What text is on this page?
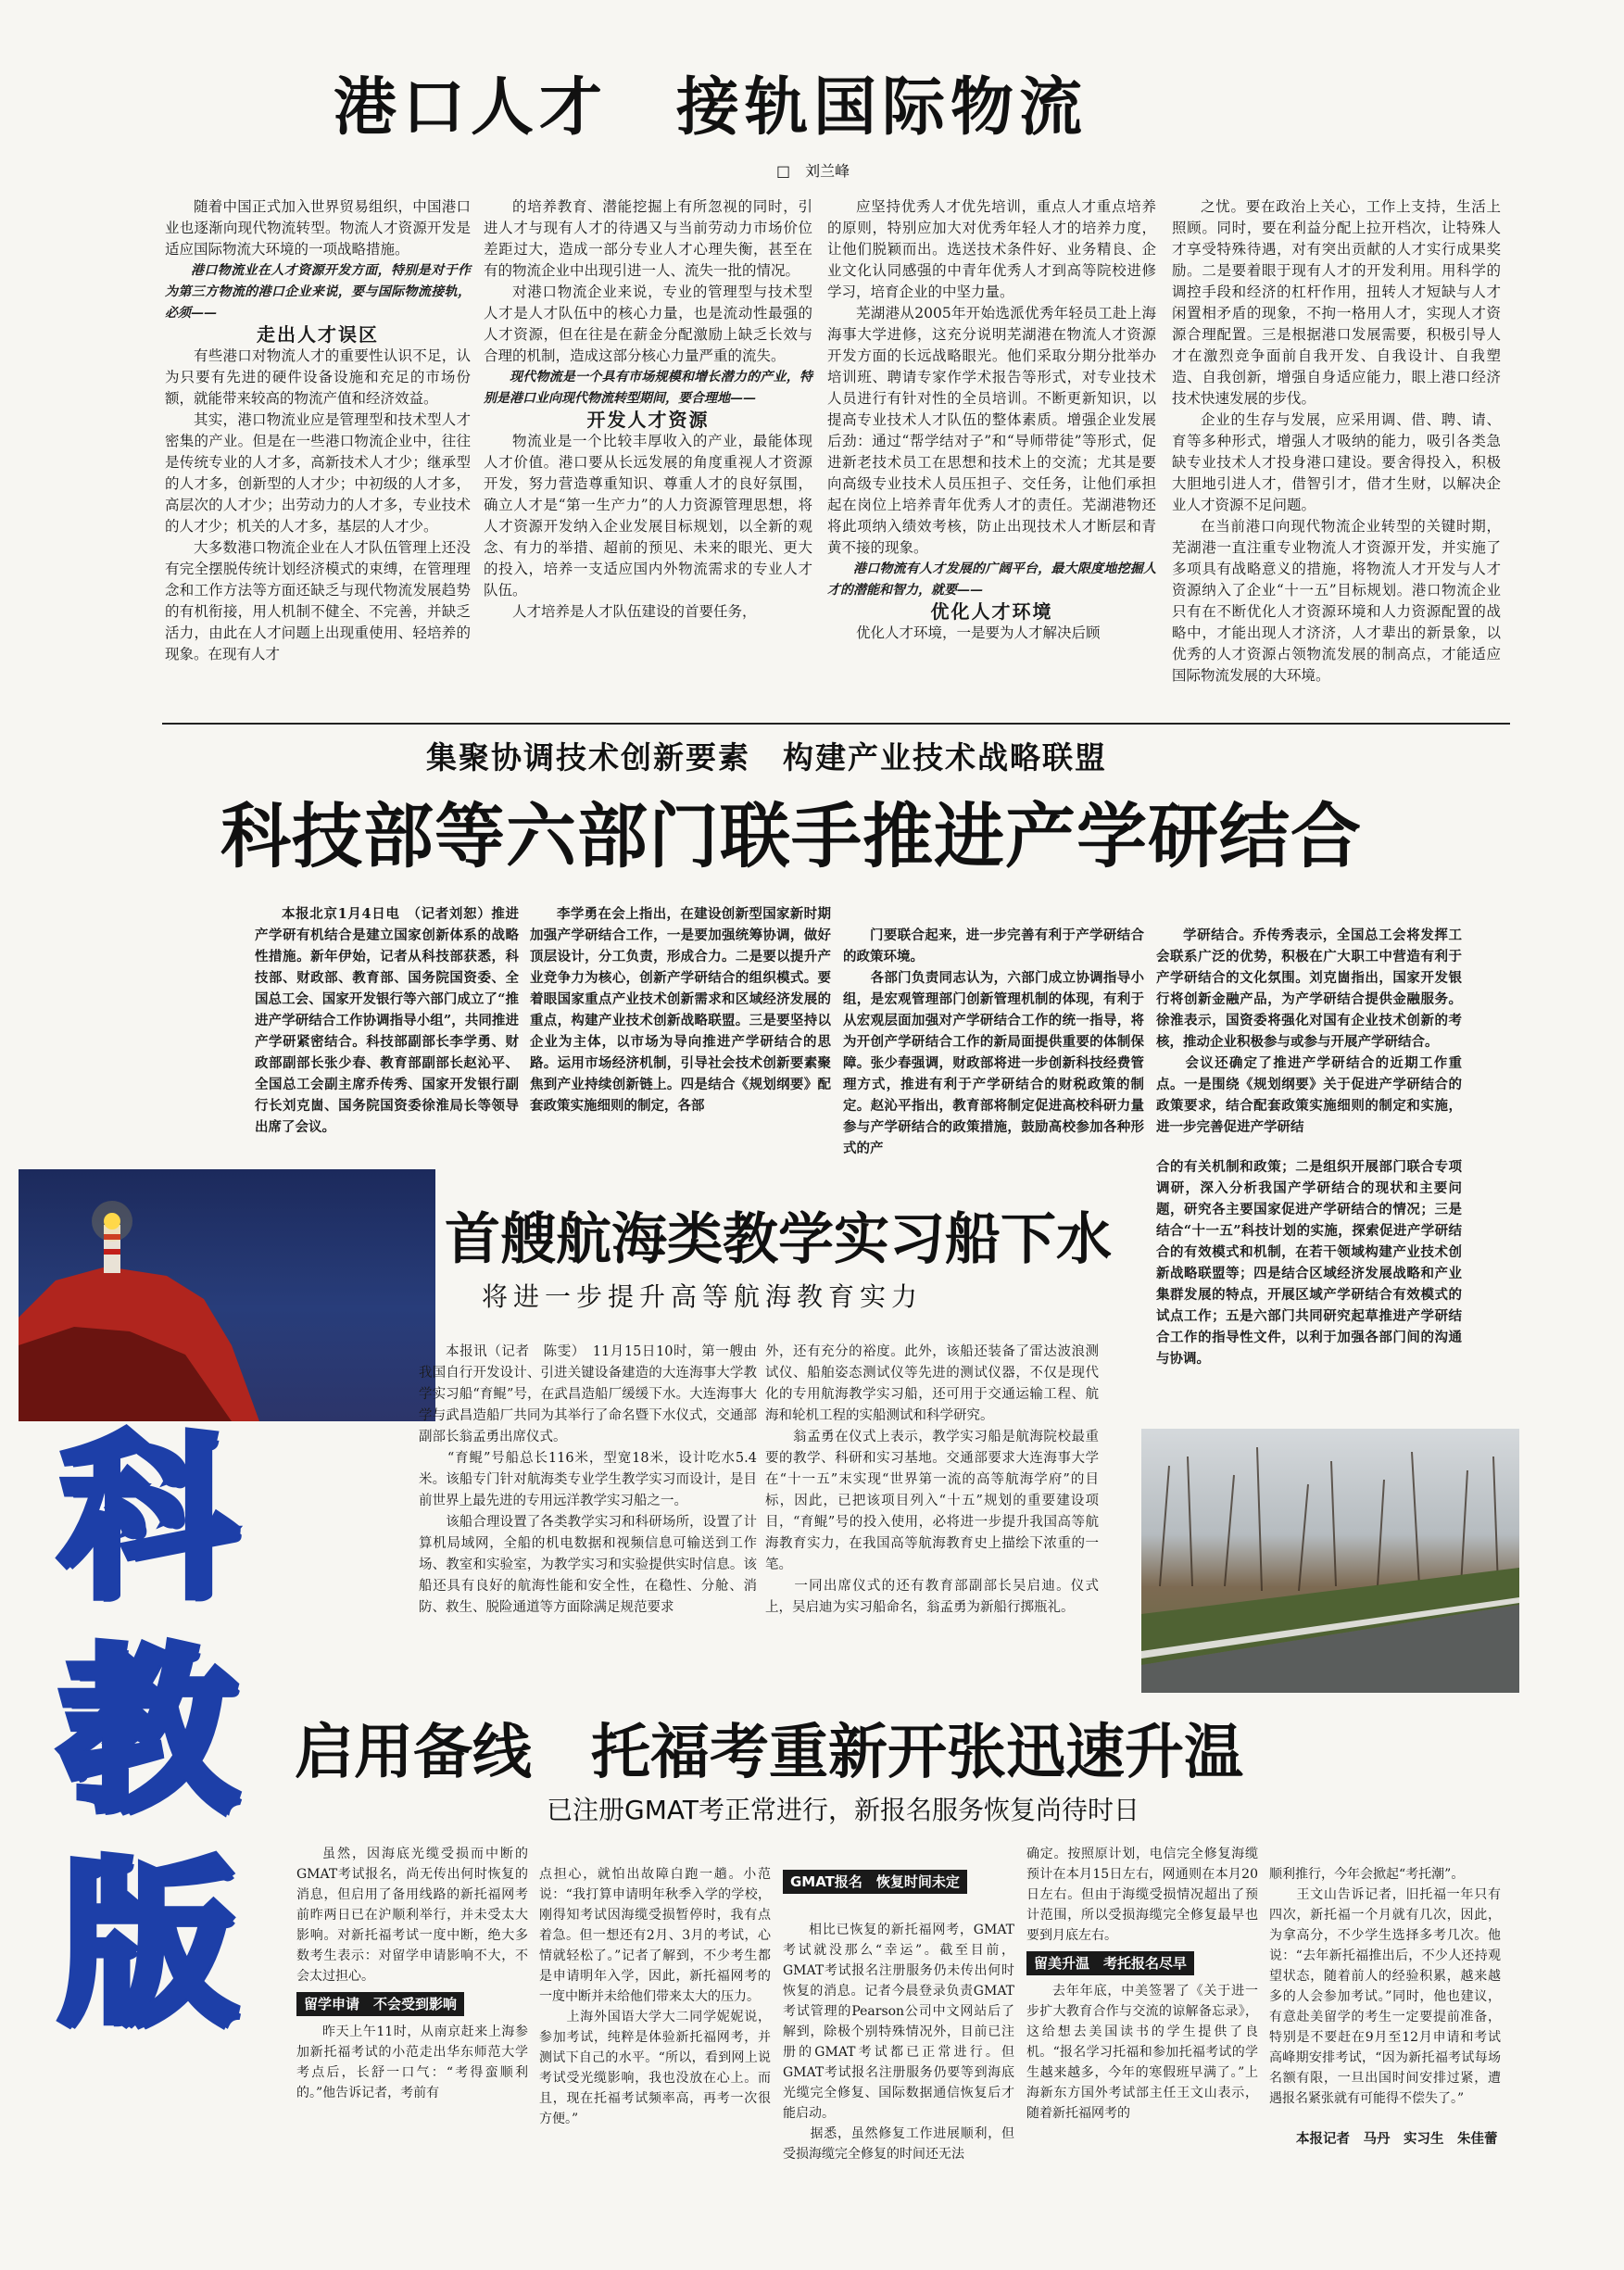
港口人才　接轨国际物流
□　刘兰峰

随着中国正式加入世界贸易组织，中国港口业也逐渐向现代物流转型。物流人才资源开发是适应国际物流大环境的一项战略措施。

港口物流业在人才资源开发方面，特别是对于作为第三方物流的港口企业来说，要与国际物流接轨，必须——

走出人才误区

有些港口对物流人才的重要性认识不足，认为只要有先进的硬件设备设施和充足的市场份额，就能带来较高的物流产值和经济效益。

其实，港口物流业应是管理型和技术型人才密集的产业。但是在一些港口物流企业中，往往是传统专业的人才多，高新技术人才少；继承型的人才多，创新型的人才少；中初级的人才多，高层次的人才少；出劳动力的人才多，专业技术的人才少；机关的人才多，基层的人才少。

大多数港口物流企业在人才队伍管理上还没有完全摆脱传统计划经济模式的束缚，在管理理念和工作方法等方面还缺乏与现代物流发展趋势的有机衔接，用人机制不健全、不完善，并缺乏活力，由此在人才问题上出现重使用、轻培养的现象。在现有人才

的培养教育、潜能挖掘上有所忽视的同时，引进人才与现有人才的待遇又与当前劳动力市场价位差距过大，造成一部分专业人才心理失衡，甚至在有的物流企业中出现引进一人、流失一批的情况。

对港口物流企业来说，专业的管理型与技术型人才是人才队伍中的核心力量，也是流动性最强的人才资源，但在往是在薪金分配激励上缺乏长效与合理的机制，造成这部分核心力量严重的流失。

现代物流是一个具有市场规模和增长潜力的产业，特别是港口业向现代物流转型期间，要合理地——

开发人才资源

物流业是一个比较丰厚收入的产业，最能体现人才价值。港口要从长远发展的角度重视人才资源开发，努力营造尊重知识、尊重人才的良好氛围，确立人才是“第一生产力”的人力资源管理思想，将人才资源开发纳入企业发展目标规划，以全新的观念、有力的举措、超前的预见、未来的眼光、更大的投入，培养一支适应国内外物流需求的专业人才队伍。

人才培养是人才队伍建设的首要任务，

应坚持优秀人才优先培训，重点人才重点培养的原则，特别应加大对优秀年轻人才的培养力度，让他们脱颖而出。选送技术条件好、业务精良、企业文化认同感强的中青年优秀人才到高等院校进修学习，培育企业的中坚力量。

芜湖港从2005年开始选派优秀年轻员工赴上海海事大学进修，这充分说明芜湖港在物流人才资源开发方面的长远战略眼光。他们采取分期分批举办培训班、聘请专家作学术报告等形式，对专业技术人员进行有针对性的全员培训。不断更新知识，以提高专业技术人才队伍的整体素质。增强企业发展后劲：通过“帮学结对子”和“导师带徒”等形式，促进新老技术员工在思想和技术上的交流；尤其是要向高级专业技术人员压担子、交任务，让他们承担起在岗位上培养青年优秀人才的责任。芜湖港物还将此项纳入绩效考核，防止出现技术人才断层和青黄不接的现象。

港口物流有人才发展的广阔平台，最大限度地挖掘人才的潜能和智力，就要——

优化人才环境

优化人才环境，一是要为人才解决后顾

之忧。要在政治上关心，工作上支持，生活上照顾。同时，要在利益分配上拉开档次，让特殊人才享受特殊待遇，对有突出贡献的人才实行成果奖励。二是要着眼于现有人才的开发利用。用科学的调控手段和经济的杠杆作用，扭转人才短缺与人才闲置相矛盾的现象，不拘一格用人才，实现人才资源合理配置。三是根据港口发展需要，积极引导人才在激烈竞争面前自我开发、自我设计、自我塑造、自我创新，增强自身适应能力，眼上港口经济技术快速发展的步伐。

企业的生存与发展，应采用调、借、聘、请、育等多种形式，增强人才吸纳的能力，吸引各类急缺专业技术人才投身港口建设。要舍得投入，积极大胆地引进人才，借智引才，借才生财，以解决企业人才资源不足问题。

在当前港口向现代物流企业转型的关键时期，芜湖港一直注重专业物流人才资源开发，并实施了多项具有战略意义的措施，将物流人才开发与人才资源纳入了企业“十一五”目标规划。港口物流企业只有在不断优化人才资源环境和人力资源配置的战略中，才能出现人才济济，人才辈出的新景象，以优秀的人才资源占领物流发展的制高点，才能适应国际物流发展的大环境。

集聚协调技术创新要素　构建产业技术战略联盟
科技部等六部门联手推进产学研结合

本报北京1月4日电　（记者刘恕）推进产学研有机结合是建立国家创新体系的战略性措施。新年伊始，记者从科技部获悉，科技部、财政部、教育部、国务院国资委、全国总工会、国家开发银行等六部门成立了“推进产学研结合工作协调指导小组”，共同推进产学研紧密结合。科技部副部长李学勇、财政部副部长张少春、教育部副部长赵沁平、全国总工会副主席乔传秀、国家开发银行副行长刘克崮、国务院国资委徐淮局长等领导出席了会议。

李学勇在会上指出，在建设创新型国家新时期加强产学研结合工作，一是要加强统筹协调，做好顶层设计，分工负责，形成合力。二是要以提升产业竞争力为核心，创新产学研结合的组织模式。要着眼国家重点产业技术创新需求和区域经济发展的重点，构建产业技术创新战略联盟。三是要坚持以企业为主体，以市场为导向推进产学研结合的思路。运用市场经济机制，引导社会技术创新要素聚焦到产业持续创新链上。四是结合《规划纲要》配套政策实施细则的制定，各部

门要联合起来，进一步完善有利于产学研结合的政策环境。
　　各部门负责同志认为，六部门成立协调指导小组，是宏观管理部门创新管理机制的体现，有利于从宏观层面加强对产学研结合工作的统一指导，将为开创产学研结合工作的新局面提供重要的体制保障。张少春强调，财政部将进一步创新科技经费管理方式，推进有利于产学研结合的财税政策的制定。赵沁平指出，教育部将制定促进高校科研力量参与产学研结合的政策措施，鼓励高校参加各种形式的产

学研结合。乔传秀表示，全国总工会将发挥工会联系广泛的优势，积极在广大职工中营造有利于产学研结合的文化氛围。刘克崮指出，国家开发银行将创新金融产品，为产学研结合提供金融服务。徐淮表示，国资委将强化对国有企业技术创新的考核，推动企业积极参与或参与开展产学研结合。
　　会议还确定了推进产学研结合的近期工作重点。一是围绕《规划纲要》关于促进产学研结合的政策要求，结合配套政策实施细则的制定和实施，进一步完善促进产学研结

合的有关机制和政策；二是组织开展部门联合专项调研，深入分析我国产学研结合的现状和主要问题，研究各主要国家促进产学研结合的情况；三是结合“十一五”科技计划的实施，探索促进产学研结合的有效模式和机制，在若干领域构建产业技术创新战略联盟等；四是结合区域经济发展战略和产业集群发展的特点，开展区域产学研结合有效模式的试点工作；五是六部门共同研究起草推进产学研结合工作的指导性文件，以利于加强各部门间的沟通与协调。

首艘航海类教学实习船下水
将进一步提升高等航海教育实力

本报讯（记者　陈雯）　11月15日10时，第一艘由我国自行开发设计、引进关键设备建造的大连海事大学教学实习船“育鲲”号，在武昌造船厂缓缓下水。大连海事大学与武昌造船厂共同为其举行了命名暨下水仪式，交通部副部长翁孟勇出席仪式。
　　“育鲲”号船总长116米，型宽18米，设计吃水5.4米。该船专门针对航海类专业学生教学实习而设计，是目前世界上最先进的专用远洋教学实习船之一。
　　该船合理设置了各类教学实习和科研场所，设置了计算机局域网，全船的机电数据和视频信息可输送到工作场、教室和实验室，为教学实习和实验提供实时信息。该船还具有良好的航海性能和安全性，在稳性、分舱、消防、救生、脱险通道等方面除满足规范要求

外，还有充分的裕度。此外，该船还装备了雷达波浪测试仪、船舶姿态测试仪等先进的测试仪器，不仅是现代化的专用航海教学实习船，还可用于交通运输工程、航海和轮机工程的实船测试和科学研究。
　　翁孟勇在仪式上表示，教学实习船是航海院校最重要的教学、科研和实习基地。交通部要求大连海事大学在“十一五”末实现“世界第一流的高等航海学府”的目标，因此，已把该项目列入“十五”规划的重要建设项目，“育鲲”号的投入使用，必将进一步提升我国高等航海教育实力，在我国高等航海教育史上描绘下浓重的一笔。
　　一同出席仪式的还有教育部副部长吴启迪。仪式上，吴启迪为实习船命名，翁孟勇为新船行掷瓶礼。

科
教
版
启用备线　托福考重新开张迅速升温
已注册GMAT考正常进行，新报名服务恢复尚待时日

虽然，因海底光缆受损而中断的GMAT考试报名，尚无传出何时恢复的消息，但启用了备用线路的新托福网考前昨两日已在沪顺利举行，并未受太大影响。对新托福考试一度中断，绝大多数考生表示：对留学申请影响不大，不会太过担心。

留学申请　不会受到影响

昨天上午11时，从南京赶来上海参加新托福考试的小范走出华东师范大学考点后，长舒一口气：“考得蛮顺利的。”他告诉记者，考前有

点担心，就怕出故障白跑一趟。小范说：“我打算申请明年秋季入学的学校，刚得知考试因海缆受损暂停时，我有点着急。但一想还有2月、3月的考试，心情就轻松了。”记者了解到，不少考生都是申请明年入学，因此，新托福网考的一度中断并未给他们带来太大的压力。
　　上海外国语大学大二同学妮妮说，参加考试，纯粹是体验新托福网考，并测试下自己的水平。“所以，看到网上说考试受光缆影响，我也没放在心上。而且，现在托福考试频率高，再考一次很方便。”

GMAT报名　恢复时间未定

相比已恢复的新托福网考，GMAT考试就没那么“幸运”。截至目前，GMAT考试报名注册服务仍未传出何时恢复的消息。记者今晨登录负责GMAT考试管理的Pearson公司中文网站后了解到，除极个别特殊情况外，目前已注册的GMAT考试都已正常进行。但GMAT考试报名注册服务仍要等到海底光缆完全修复、国际数据通信恢复后才能启动。
　　据悉，虽然修复工作进展顺利，但受损海缆完全修复的时间还无法

确定。按照原计划，电信完全修复海缆预计在本月15日左右，网通则在本月20日左右。但由于海缆受损情况超出了预计范围，所以受损海缆完全修复最早也要到月底左右。

留美升温　考托报名尽早

去年年底，中美签署了《关于进一步扩大教育合作与交流的谅解备忘录》，这给想去美国读书的学生提供了良机。“报名学习托福和参加托福考试的学生越来越多，今年的寒假班早满了。”上海新东方国外考试部主任王文山表示，随着新托福网考的

顺利推行，今年会掀起“考托潮”。
　　王文山告诉记者，旧托福一年只有四次，新托福一个月就有几次，因此，为拿高分，不少学生选择多考几次。他说：“去年新托福推出后，不少人还持观望状态，随着前人的经验积累，越来越多的人会参加考试。”同时，他也建议，有意赴美留学的考生一定要提前准备，特别是不要赶在9月至12月申请和考试高峰期安排考试，“因为新托福考试每场名额有限，一旦出国时间安排过紧，遭遇报名紧张就有可能得不偿失了。”

本报记者　马丹　实习生　朱佳蕾
